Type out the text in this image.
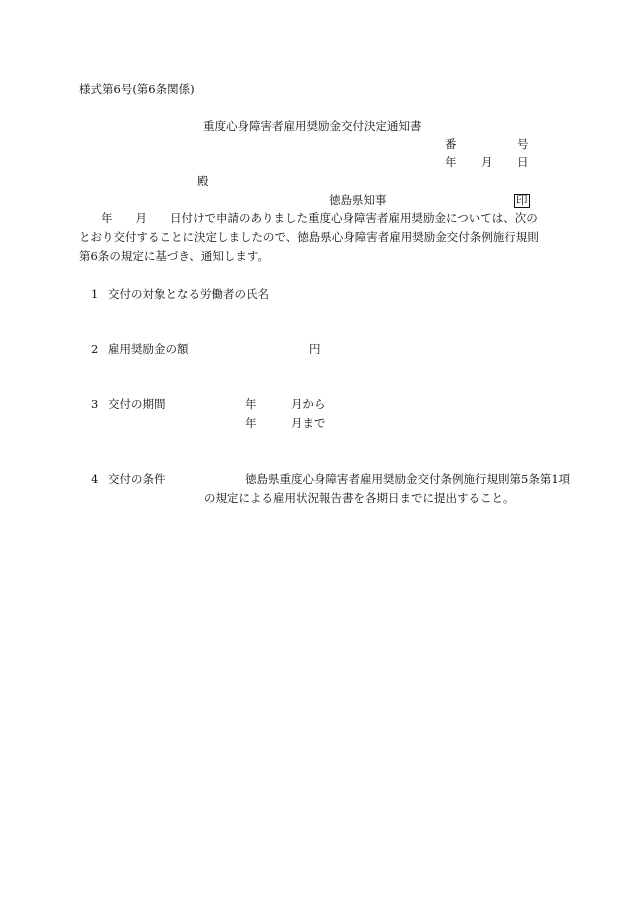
様式第6号(第6条関係)
重度心身障害者雇用奨励金交付決定通知書
番	号
年 月 日
殿
徳島県知事	印
年　　月　　日付けで申請のありました重度心身障害者雇用奨励金については、次の
とおり交付することに決定しましたので、徳島県心身障害者雇用奨励金交付条例施行規則
第6条の規定に基づき、通知します。
1 交付の対象となる労働者の氏名
2 雇用奨励金の額	円
3 交付の期間	年	月から
年	月まで
4 交付の条件	徳島県重度心身障害者雇用奨励金交付条例施行規則第5条第1項
の規定による雇用状況報告書を各期日までに提出すること。
